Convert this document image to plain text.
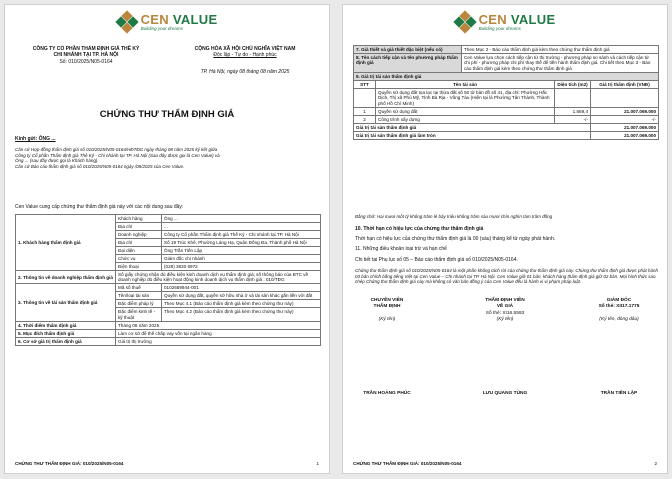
CEN VALUE
Building your dreams
CÔNG TY CỔ PHẦN THẨM ĐỊNH GIÁ THẾ KỶ
CHI NHÁNH TẠI TP. HÀ NỘI
Số: 010/2025/N05-0164
CỘNG HÒA XÃ HỘI CHỦ NGHĨA VIỆT NAM
Độc lập - Tự do - Hạnh phúc
TP. Hà Nội, ngày 08 tháng 08 năm 2025
CHỨNG THƯ THẨM ĐỊNH GIÁ
Kính gửi: ÔNG ...
Căn cứ Hợp đồng thẩm định giá số 010/2025/N05-0164/HĐTĐG ngày tháng 08 năm 2025 ký kết giữa
Công ty Cổ phần Thẩm định giá Thế Kỷ - Chi nhánh tại TP. Hà Nội (Sau đây được gọi là Cen Value) và
Ông ... (sau đây được gọi là Khách hàng).
Căn cứ Báo cáo thẩm định giá số 010/2025/N05-0164 ngày /08/2025 của Cen Value.
Cen Value cung cấp chứng thư thẩm định giá này với các nội dung sau đây:
1. Khách hàng thẩm định giá	Khách hàng	Ông ...
	Địa chỉ	...
	Doanh nghiệp	Công ty Cổ phần Thẩm định giá Thế Kỷ - Chi nhánh tại TP. Hà Nội
	Địa chỉ	Số 19 Trúc Khê, Phường Láng Hạ, Quận Đống Đa, Thành phố Hà Nội
	Đại diện	Ông Trần Tiến Lập
	Chức vụ	Giám đốc chi nhánh
	Điện thoại	(028) 3820 6972
2. Thông tin về doanh nghiệp thẩm định giá	Số giấy chứng nhận đủ điều kiện kinh doanh dịch vụ thẩm định giá; số thông báo của BTC về doanh nghiệp đủ điều kiện hoạt động kinh doanh dịch vụ thẩm định giá : 010/TĐG	
3. Thông tin về tài sản thẩm định giá	Mã số thuế	0102689944-001
	Tên/loại tài sản	Quyền sử dụng đất, quyền sở hữu nhà ở và tài sản khác gắn liền với đất
	Đặc điểm pháp lý	Theo Mục 4.1 (Báo cáo thẩm định giá kèm theo chứng thư này)
	Đặc điểm kinh tế - kỹ thuật	Theo Mục 4.2 (Báo cáo thẩm định giá kèm theo chứng thư này)
4. Thời điểm thẩm định giá	Tháng 08 năm 2025	
5. Mục đích thẩm định giá	Làm cơ sở để thế chấp vay vốn tại ngân hàng	
6. Cơ sở giá trị thẩm định giá	Giá trị thị trường	
CHỨNG THƯ THẨM ĐỊNH GIÁ: 010/2025/N05-0164	1
CEN VALUE
Building your dreams
7. Giả thiết và giả thiết đặc biệt (nếu có)	Theo Mục 2 - Báo cáo thẩm định giá kèm theo chứng thư thẩm định giá
8. Tên cách tiếp cận và tên phương pháp thẩm định giá	Cen Value lựa chọn cách tiếp cận từ thị trường - phương pháp so sánh và cách tiếp cận từ chi phí - phương pháp chi phí thay thế để tiến hành thẩm định giá. Chi tiết theo Mục 3 - Báo cáo thẩm định giá kèm theo chứng thư thẩm định giá
9. Giá trị tài sản thẩm định giá	
STT	Tên tài sản	Diện tích (m2)	Giá trị thẩm định (VNĐ)
	Quyền sử dụng đất tọa lạc tại thửa đất số 50 tờ bản đồ số 41, địa chỉ: Phường Hắc Dịch, Thị xã Phú Mỹ, Tỉnh Bà Rịa - Vũng Tàu (Hiện tại là Phường Tân Thành, Thành phố Hồ Chí Minh)		
1	Quyền sử dụng đất	1.669,4	21.007.069.000
2	Công trình xây dựng	-/-	-/-
Giá trị tài sản thẩm định giá			21.007.069.000
Giá trị tài sản thẩm định giá làm tròn			21.007.069.000
Bằng chữ: Hai mươi mốt tỷ không trăm lẻ bảy triệu không trăm sáu mươi chín nghìn tám trăm đồng
10. Thời hạn có hiệu lực của chứng thư thẩm định giá
Thời hạn có hiệu lực của chứng thư thẩm định giá là 00 (sáu) tháng kể từ ngày phát hành.
11. Những điều khoản loại trừ và hạn chế
Chi tiết tại Phụ lục số 05 – Báo cáo thẩm định giá số 010/2025/N05-0164.
Chứng thư thẩm định giá số 010/2025/N05-0164 là một phần không tách rời của chứng thư thẩm định giá này. Chứng thư thẩm định giá được phát hành 03 bản chính bằng tiếng Việt tại Cen Value – Chi nhánh tại TP. Hà Nội. Cen Value giữ 01 bản, khách hàng thẩm định giá giữ 02 bản. Mọi hình thức sao chép Chứng thư thẩm định giá này mà không có văn bản đồng ý của Cen Value đều là hành vi vi phạm pháp luật.
CHUYÊN VIÊN
THẨM ĐỊNH
(Ký tên)
TRẦN HOÀNG PHÚC
THẨM ĐỊNH VIÊN
VỀ GIÁ
Số thẻ: XI16.5593
(Ký tên)
LƯU QUANG TÙNG
GIÁM ĐỐC
Số thẻ: XII17.1775
(Ký tên, đóng dấu)
TRẦN TIẾN LẬP
CHỨNG THƯ THẨM ĐỊNH GIÁ: 010/2025/N05-0164	2
